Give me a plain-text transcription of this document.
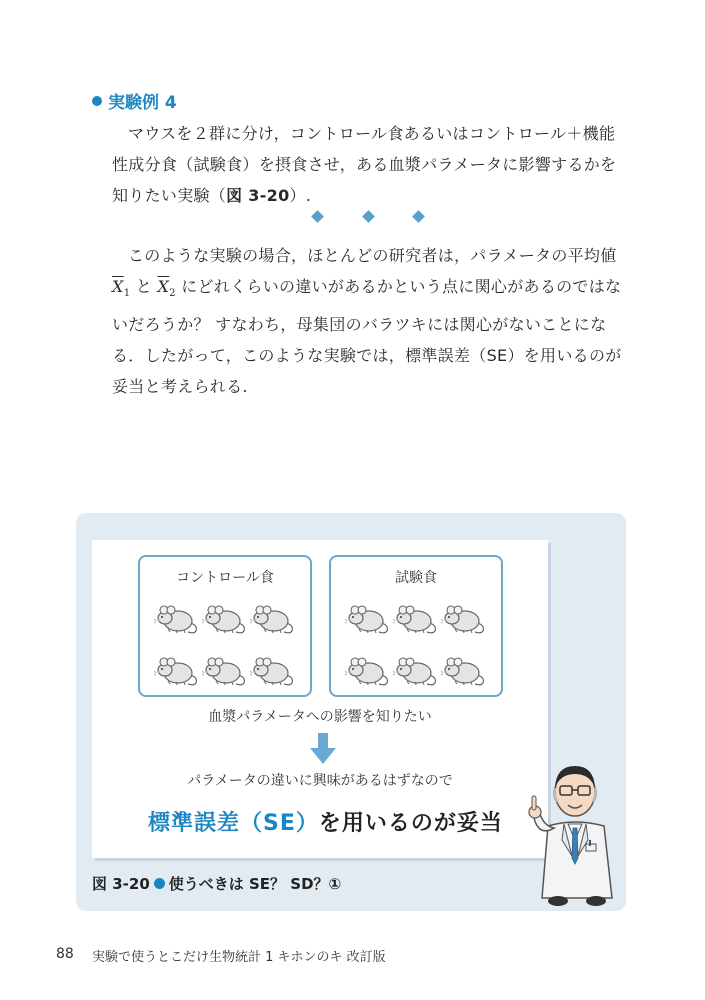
実験例 4

マウスを２群に分け，コントロール食あるいはコントロール＋機能

性成分食（試験食）を摂食させ，ある血漿パラメータに影響するかを

知りたい実験（図 3-20）.

このような実験の場合，ほとんどの研究者は，パラメータの平均値

$\overline{X}_1$ と $\overline{X}_2$ にどれくらいの違いがあるかという点に関心があるのではな

いだろうか？ すなわち，母集団のバラツキには関心がないことにな

る．したがって，このような実験では，標準誤差（SE）を用いるのが

妥当と考えられる.

コントロール食	試験食
血漿パラメータへの影響を知りたい
パラメータの違いに興味があるはずなので
標準誤差（SE）を用いるのが妥当
図 3-20 使うべきは SE？ SD？①
88 実験で使うとこだけ生物統計 1 キホンのキ 改訂版
